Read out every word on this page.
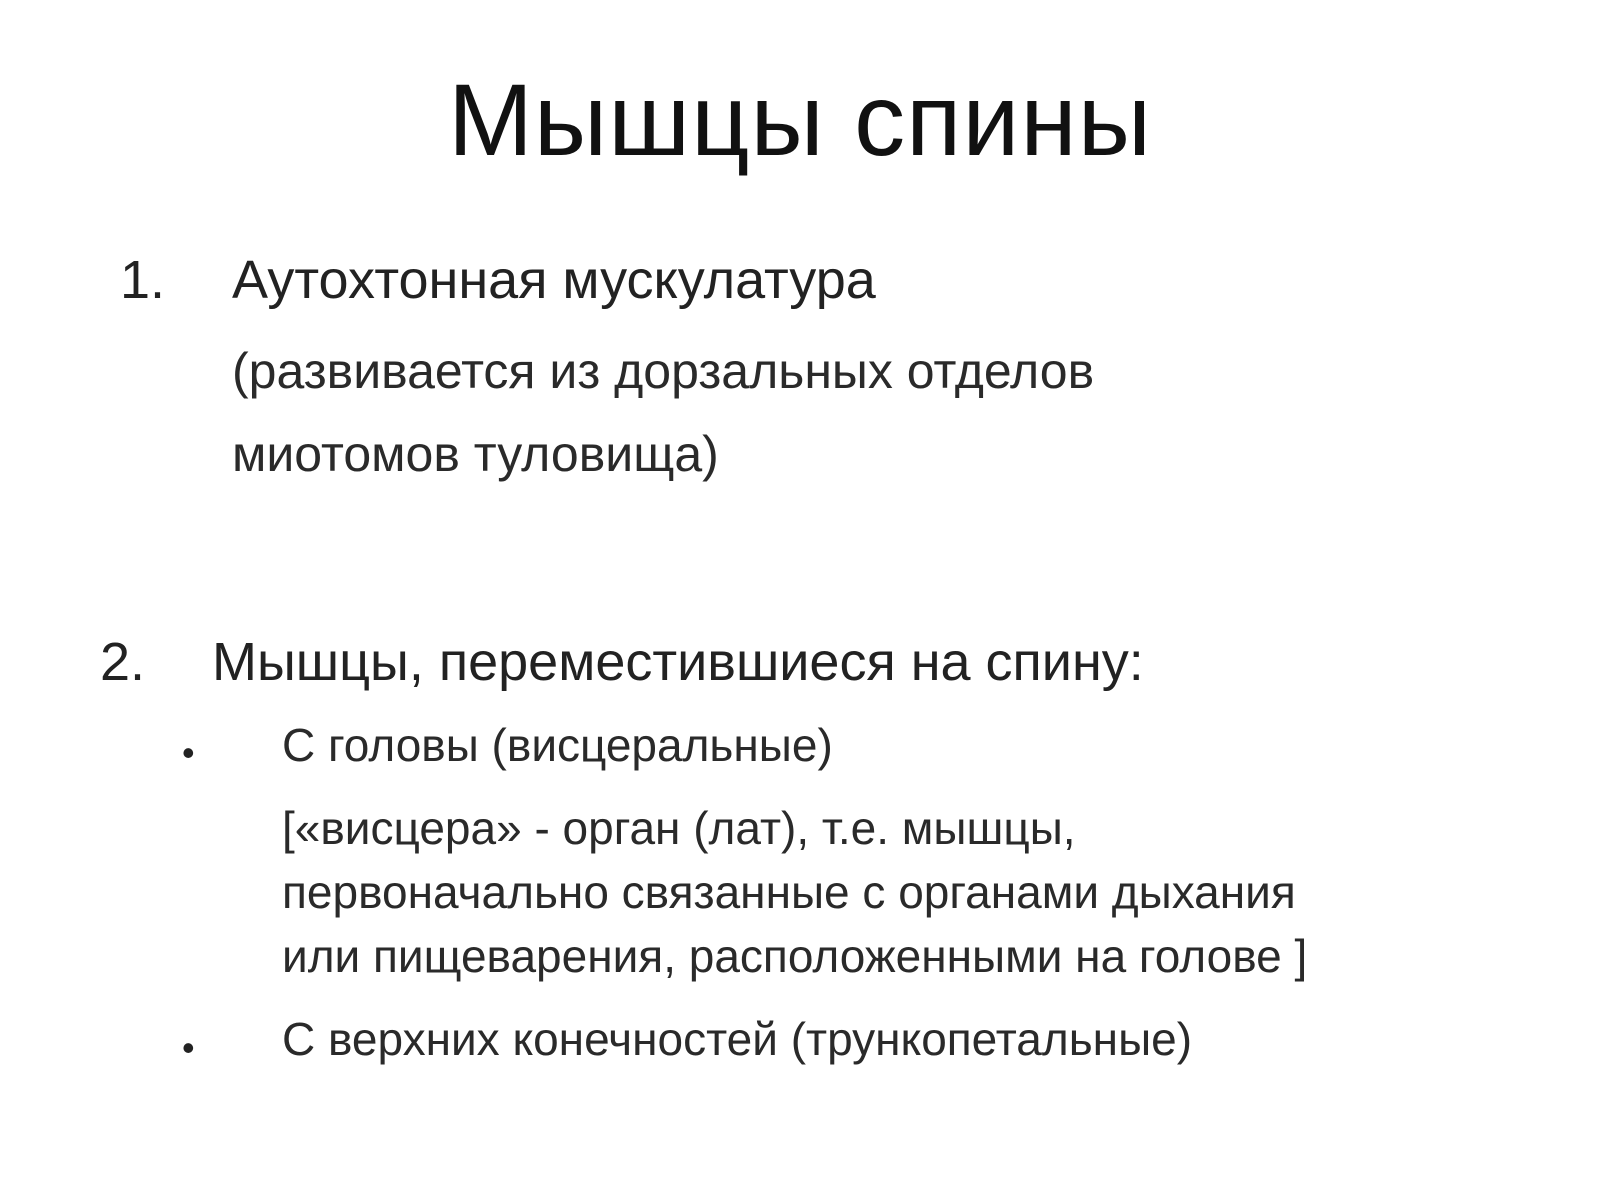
Мышцы спины
1. Аутохтонная мускулатура
(развивается из дорзальных отделов
миотомов туловища)
2. Мышцы, переместившиеся на спину:
• С головы (висцеральные)
[«висцера» - орган (лат), т.е. мышцы,
первоначально связанные с органами дыхания
или пищеварения, расположенными на голове ]
• С верхних конечностей (трункопетальные)
